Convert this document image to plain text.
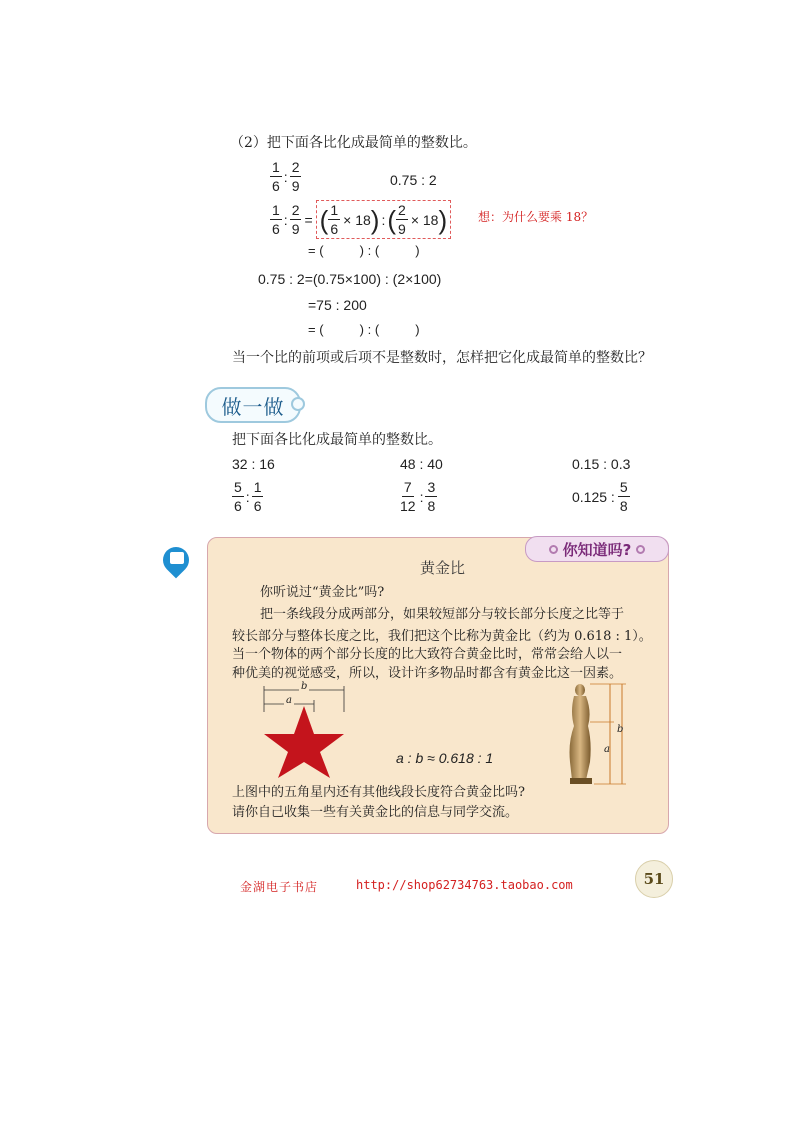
（2）把下面各比化成最简单的整数比。
$\frac{1}{6}$ : $\frac{2}{9}$	0.75 : 2
$\frac{1}{6}$ : $\frac{2}{9}$ = ( $\frac{1}{6} \times 18$ ) : ( $\frac{2}{9} \times 18$ )	想：为什么要乘 18？
= (          ) : (          )
0.75 : 2=(0.75×100) : (2×100)
=75 : 200
= (          ) : (          )
当一个比的前项或后项不是整数时，怎样把它化成最简单的整数比？
做一做
把下面各比化成最简单的整数比。
32 : 16	48 : 40	0.15 : 0.3
$\frac{5}{6}$ : $\frac{1}{6}$	$\frac{7}{12}$ : $\frac{3}{8}$	0.125 : $\frac{5}{8}$
你知道吗?
黄金比
你听说过“黄金比”吗?
把一条线段分成两部分，如果较短部分与较长部分长度之比等于
较长部分与整体长度之比，我们把这个比称为黄金比（约为 0.618 : 1）。
当一个物体的两个部分长度的比大致符合黄金比时，常常会给人以一
种优美的视觉感受，所以，设计许多物品时都含有黄金比这一因素。
b
a
a : b ≈ 0.618 : 1
b
a
上图中的五角星内还有其他线段长度符合黄金比吗?
请你自己收集一些有关黄金比的信息与同学交流。
金湖电子书店	http://shop62734763.taobao.com	51
